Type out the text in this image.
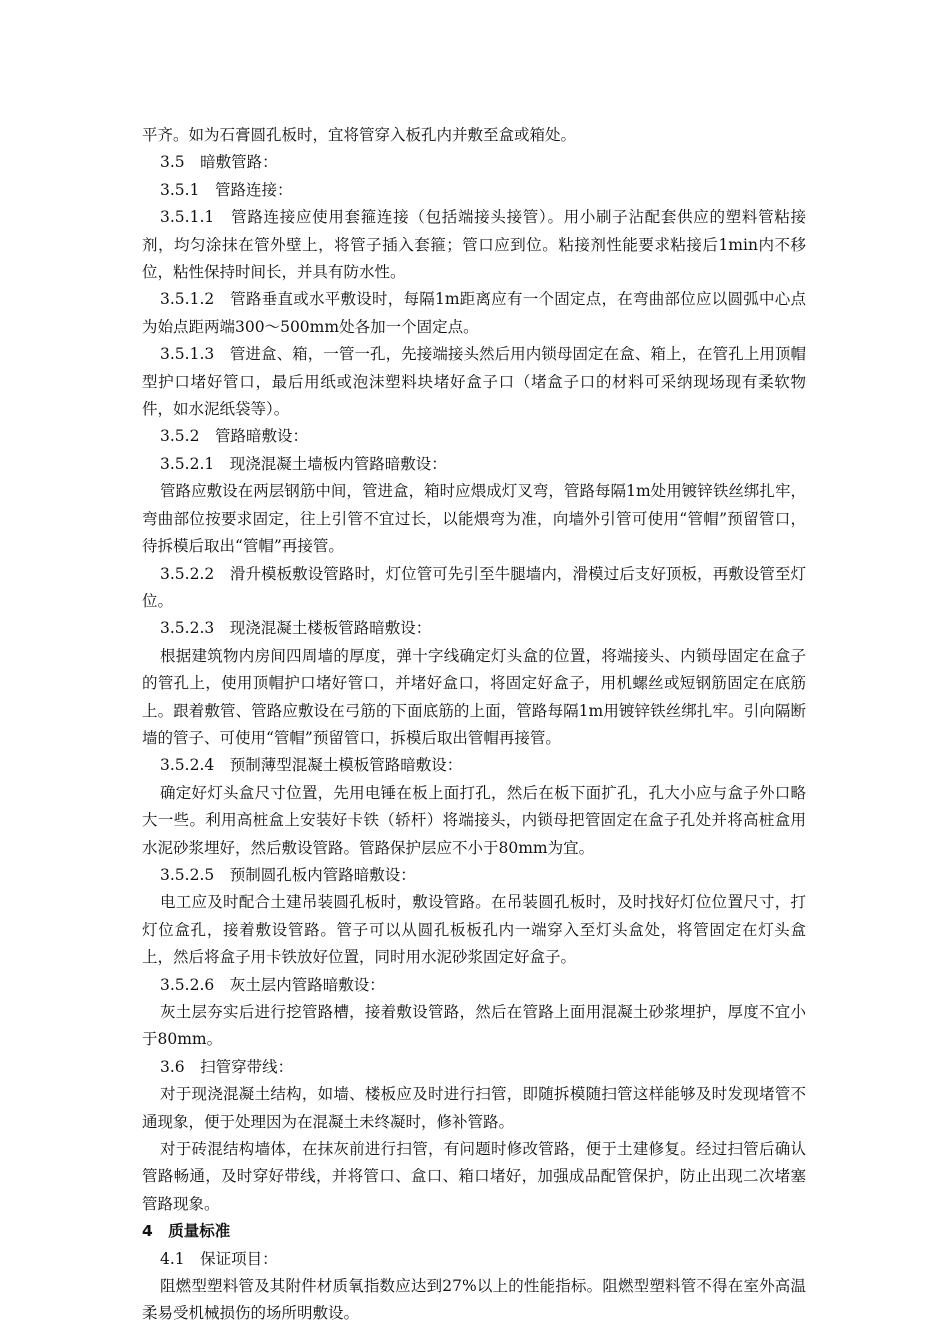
平齐。如为石膏圆孔板时，宜将管穿入板孔内并敷至盒或箱处。

3.5　暗敷管路：

3.5.1　管路连接：

3.5.1.1　管路连接应使用套箍连接（包括端接头接管）。用小刷子沾配套供应的塑料管粘接剂，均匀涂抹在管外壁上，将管子插入套箍；管口应到位。粘接剂性能要求粘接后1min内不移位，粘性保持时间长，并具有防水性。

3.5.1.2　管路垂直或水平敷设时，每隔1m距离应有一个固定点，在弯曲部位应以圆弧中心点为始点距两端300～500mm处各加一个固定点。

3.5.1.3　管进盒、箱，一管一孔，先接端接头然后用内锁母固定在盒、箱上，在管孔上用顶帽型护口堵好管口，最后用纸或泡沫塑料块堵好盒子口（堵盒子口的材料可采纳现场现有柔软物件，如水泥纸袋等）。

3.5.2　管路暗敷设：

3.5.2.1　现浇混凝土墙板内管路暗敷设：

管路应敷设在两层钢筋中间，管进盒，箱时应煨成灯叉弯，管路每隔1m处用镀锌铁丝绑扎牢，弯曲部位按要求固定，往上引管不宜过长，以能煨弯为准，向墙外引管可使用“管帽”预留管口，待拆模后取出“管帽”再接管。

3.5.2.2　滑升模板敷设管路时，灯位管可先引至牛腿墙内，滑模过后支好顶板，再敷设管至灯位。

3.5.2.3　现浇混凝土楼板管路暗敷设：

根据建筑物内房间四周墙的厚度，弹十字线确定灯头盒的位置，将端接头、内锁母固定在盒子的管孔上，使用顶帽护口堵好管口，并堵好盒口，将固定好盒子，用机螺丝或短钢筋固定在底筋上。跟着敷管、管路应敷设在弓筋的下面底筋的上面，管路每隔1m用镀锌铁丝绑扎牢。引向隔断墙的管子、可使用“管帽”预留管口，拆模后取出管帽再接管。

3.5.2.4　预制薄型混凝土模板管路暗敷设：

确定好灯头盒尺寸位置，先用电锤在板上面打孔，然后在板下面扩孔，孔大小应与盒子外口略大一些。利用高桩盒上安装好卡铁（轿杆）将端接头，内锁母把管固定在盒子孔处并将高桩盒用水泥砂浆埋好，然后敷设管路。管路保护层应不小于80mm为宜。

3.5.2.5　预制圆孔板内管路暗敷设：

电工应及时配合土建吊装圆孔板时，敷设管路。在吊装圆孔板时，及时找好灯位位置尺寸，打灯位盒孔，接着敷设管路。管子可以从圆孔板板孔内一端穿入至灯头盒处，将管固定在灯头盒上，然后将盒子用卡铁放好位置，同时用水泥砂浆固定好盒子。

3.5.2.6　灰土层内管路暗敷设：

灰土层夯实后进行挖管路槽，接着敷设管路，然后在管路上面用混凝土砂浆埋护，厚度不宜小于80mm。

3.6　扫管穿带线：

对于现浇混凝土结构，如墙、楼板应及时进行扫管，即随拆模随扫管这样能够及时发现堵管不通现象，便于处理因为在混凝土未终凝时，修补管路。

对于砖混结构墙体，在抹灰前进行扫管，有问题时修改管路，便于土建修复。经过扫管后确认管路畅通，及时穿好带线，并将管口、盒口、箱口堵好，加强成品配管保护，防止出现二次堵塞管路现象。

4　质量标准

4.1　保证项目：

阻燃型塑料管及其附件材质氧指数应达到27%以上的性能指标。阻燃型塑料管不得在室外高温柔易受机械损伤的场所明敷设。
